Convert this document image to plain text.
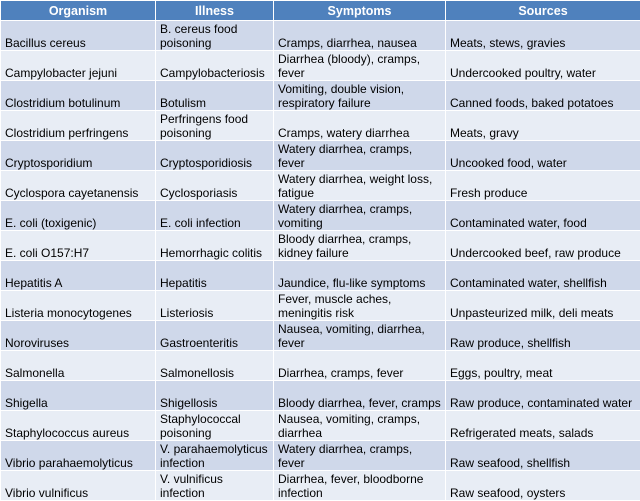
Organism	Illness	Symptoms	Sources
Bacillus cereus	B. cereus food poisoning	Cramps, diarrhea, nausea	Meats, stews, gravies
Campylobacter jejuni	Campylobacteriosis	Diarrhea (bloody), cramps, fever	Undercooked poultry, water
Clostridium botulinum	Botulism	Vomiting, double vision, respiratory failure	Canned foods, baked potatoes
Clostridium perfringens	Perfringens food poisoning	Cramps, watery diarrhea	Meats, gravy
Cryptosporidium	Cryptosporidiosis	Watery diarrhea, cramps, fever	Uncooked food, water
Cyclospora cayetanensis	Cyclosporiasis	Watery diarrhea, weight loss, fatigue	Fresh produce
E. coli (toxigenic)	E. coli infection	Watery diarrhea, cramps, vomiting	Contaminated water, food
E. coli O157:H7	Hemorrhagic colitis	Bloody diarrhea, cramps, kidney failure	Undercooked beef, raw produce
Hepatitis A	Hepatitis	Jaundice, flu-like symptoms	Contaminated water, shellfish
Listeria monocytogenes	Listeriosis	Fever, muscle aches, meningitis risk	Unpasteurized milk, deli meats
Noroviruses	Gastroenteritis	Nausea, vomiting, diarrhea, fever	Raw produce, shellfish
Salmonella	Salmonellosis	Diarrhea, cramps, fever	Eggs, poultry, meat
Shigella	Shigellosis	Bloody diarrhea, fever, cramps	Raw produce, contaminated water
Staphylococcus aureus	Staphylococcal poisoning	Nausea, vomiting, cramps, diarrhea	Refrigerated meats, salads
Vibrio parahaemolyticus	V. parahaemolyticus infection	Watery diarrhea, cramps, fever	Raw seafood, shellfish
Vibrio vulnificus	V. vulnificus infection	Diarrhea, fever, bloodborne infection	Raw seafood, oysters
